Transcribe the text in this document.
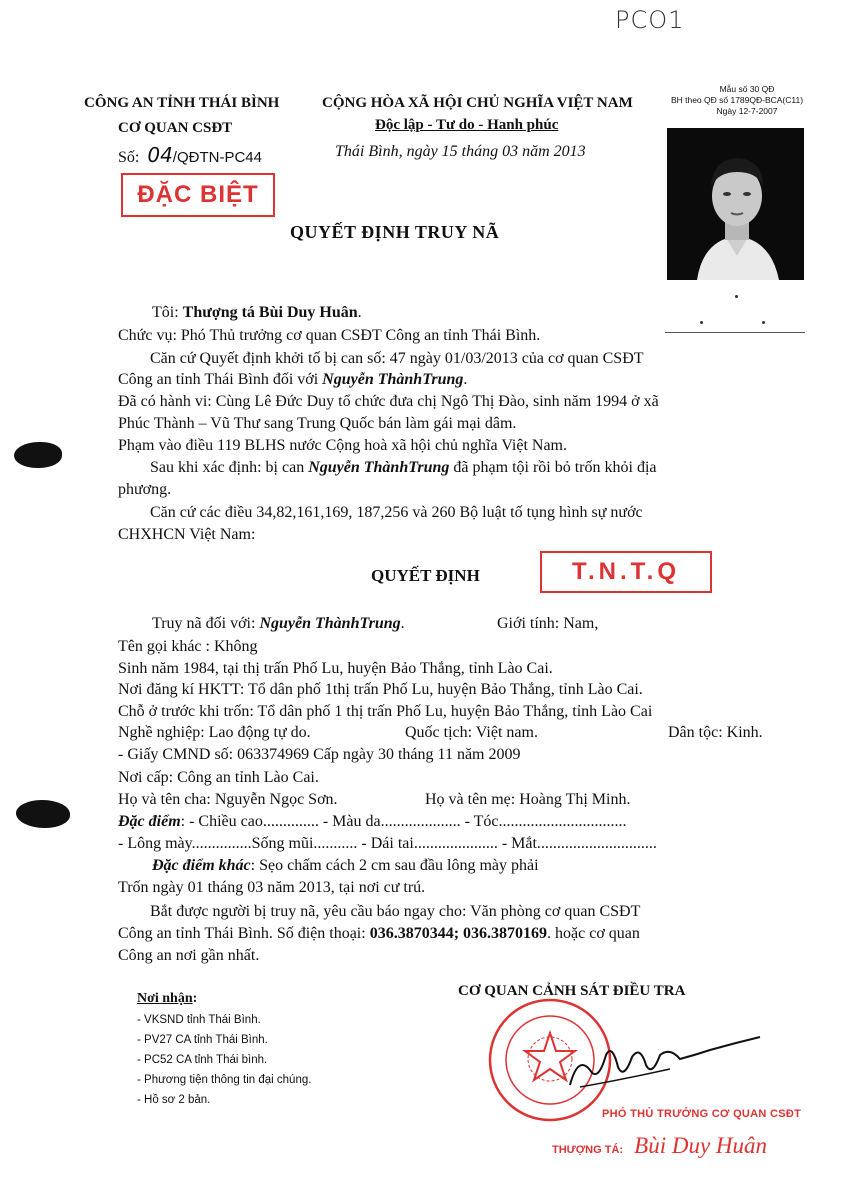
PCO1
Mẫu số 30 QĐ
BH theo QĐ số 1789QĐ-BCA(C11)
Ngày 12-7-2007
CÔNG AN TỈNH THÁI BÌNH
CƠ QUAN CSĐT
Số: 04/QĐTN-PC44
CỘNG HÒA XÃ HỘI CHỦ NGHĨA VIỆT NAM
Độc lập - Tư do - Hanh phúc
Thái Bình, ngày 15 tháng 03 năm 2013
ĐẶC BIỆT
QUYẾT ĐỊNH TRUY NÃ
Tôi: Thượng tá Bùi Duy Huân.
Chức vụ: Phó Thủ trưởng cơ quan CSĐT Công an tỉnh Thái Bình.
Căn cứ Quyết định khởi tố bị can số: 47 ngày 01/03/2013 của cơ quan CSĐT
Công an tỉnh Thái Bình đối với Nguyễn ThànhTrung.
Đã có hành vi: Cùng Lê Đức Duy tổ chức đưa chị Ngô Thị Đào, sinh năm 1994 ở xã
Phúc Thành – Vũ Thư sang Trung Quốc bán làm gái mại dâm.
Phạm vào điều 119 BLHS nước Cộng hoà xã hội chủ nghĩa Việt Nam.
Sau khi xác định: bị can Nguyễn ThànhTrung đã phạm tội rồi bỏ trốn khỏi địa
phương.
Căn cứ các điều 34,82,161,169, 187,256 và 260 Bộ luật tố tụng hình sự nước
CHXHCN Việt Nam:
QUYẾT ĐỊNH	T.N.T.Q
Truy nã đối với: Nguyễn ThànhTrung.	Giới tính: Nam,
Tên gọi khác : Không
Sinh năm 1984, tại thị trấn Phố Lu, huyện Bảo Thắng, tỉnh Lào Cai.
Nơi đăng kí HKTT: Tổ dân phố 1thị trấn Phố Lu, huyện Bảo Thắng, tỉnh Lào Cai.
Chỗ ở trước khi trốn: Tổ dân phố 1 thị trấn Phố Lu, huyện Bảo Thắng, tỉnh Lào Cai
Nghề nghiệp: Lao động tự do.	Quốc tịch: Việt nam.	Dân tộc: Kinh.
- Giấy CMND số: 063374969 Cấp ngày 30 tháng 11 năm 2009
Nơi cấp: Công an tỉnh Lào Cai.
Họ và tên cha: Nguyễn Ngọc Sơn.	Họ và tên mẹ: Hoàng Thị Minh.
Đặc điểm: - Chiều cao.............. - Màu da.................... - Tóc................................
- Lông mày...............Sống mũi........... - Dái tai..................... - Mắt..............................
Đặc điểm khác: Sẹo chấm cách 2 cm sau đầu lông mày phải
Trốn ngày 01 tháng 03 năm 2013, tại nơi cư trú.
Bắt được người bị truy nã, yêu cầu báo ngay cho: Văn phòng cơ quan CSĐT
Công an tỉnh Thái Bình. Số điện thoại: 036.3870344; 036.3870169. hoặc cơ quan
Công an nơi gần nhất.
Nơi nhận:
- VKSND tỉnh Thái Bình.
- PV27 CA tỉnh Thái Bình.
- PC52 CA tỉnh Thái bình.
- Phương tiện thông tin đại chúng.
- Hồ sơ 2 bản.
CƠ QUAN CẢNH SÁT ĐIỀU TRA
PHÓ THỦ TRƯỞNG CƠ QUAN CSĐT
THƯỢNG TÁ: Bùi Duy Huân
